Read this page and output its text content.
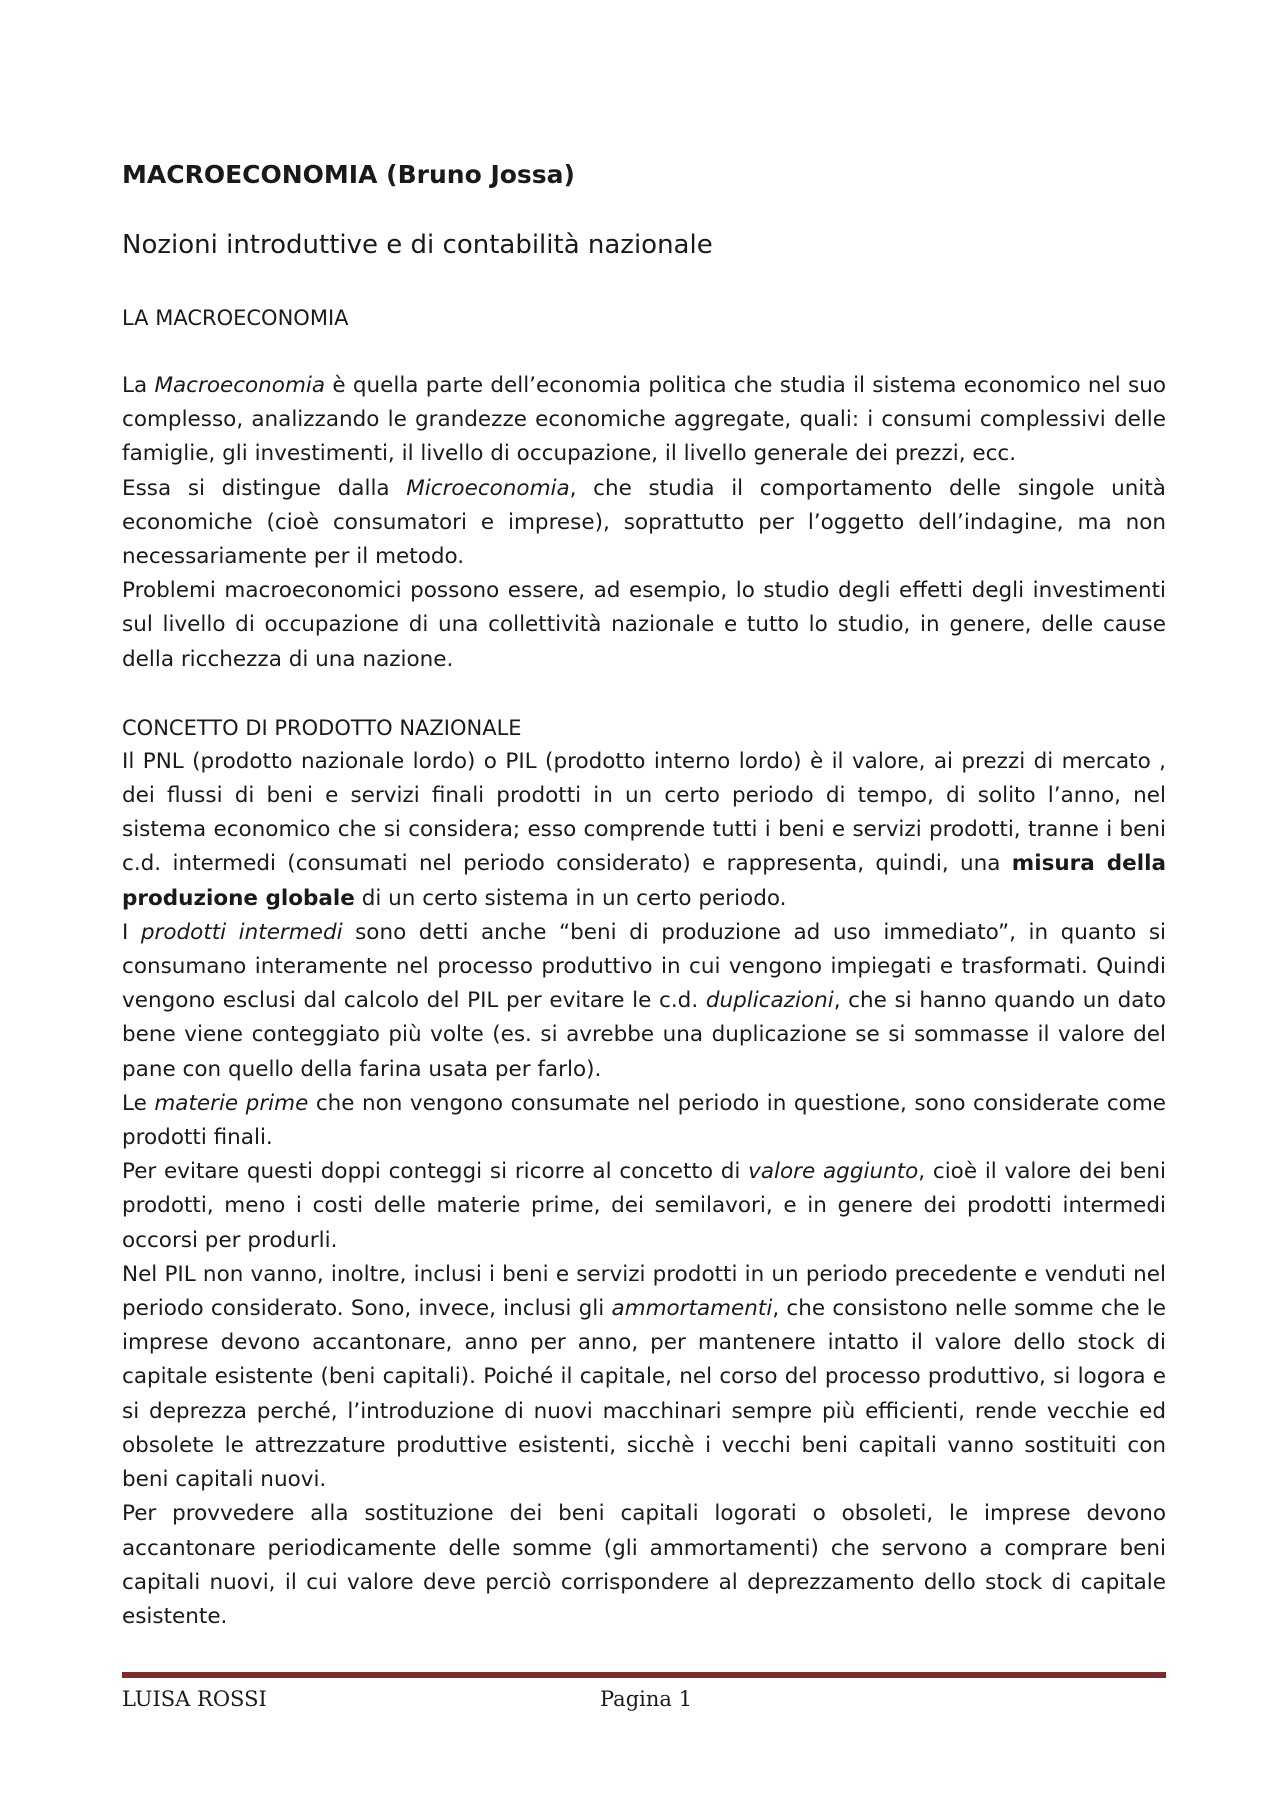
MACROECONOMIA (Bruno Jossa)
Nozioni introduttive e di contabilità nazionale
LA MACROECONOMIA

La Macroeconomia è quella parte dell’economia politica che studia il sistema economico nel suo complesso, analizzando le grandezze economiche aggregate, quali: i consumi complessivi delle famiglie, gli investimenti, il livello di occupazione, il livello generale dei prezzi, ecc.

Essa si distingue dalla Microeconomia, che studia il comportamento delle singole unità economiche (cioè consumatori e imprese), soprattutto per l’oggetto dell’indagine, ma non necessariamente per il metodo.

Problemi macroeconomici possono essere, ad esempio, lo studio degli effetti degli investimenti sul livello di occupazione di una collettività nazionale e tutto lo studio, in genere, delle cause della ricchezza di una nazione.

CONCETTO DI PRODOTTO NAZIONALE

Il PNL (prodotto nazionale lordo) o PIL (prodotto interno lordo) è il valore, ai prezzi di mercato , dei flussi di beni e servizi finali prodotti in un certo periodo di tempo, di solito l’anno, nel sistema economico che si considera; esso comprende tutti i beni e servizi prodotti, tranne i beni c.d. intermedi (consumati nel periodo considerato) e rappresenta, quindi, una misura della produzione globale di un certo sistema in un certo periodo.

I prodotti intermedi sono detti anche “beni di produzione ad uso immediato”, in quanto si consumano interamente nel processo produttivo in cui vengono impiegati e trasformati. Quindi vengono esclusi dal calcolo del PIL per evitare le c.d. duplicazioni, che si hanno quando un dato bene viene conteggiato più volte (es. si avrebbe una duplicazione se si sommasse il valore del pane con quello della farina usata per farlo).

Le materie prime che non vengono consumate nel periodo in questione, sono considerate come prodotti finali.

Per evitare questi doppi conteggi si ricorre al concetto di valore aggiunto, cioè il valore dei beni prodotti, meno i costi delle materie prime, dei semilavori, e in genere dei prodotti intermedi occorsi per produrli.

Nel PIL non vanno, inoltre, inclusi i beni e servizi prodotti in un periodo precedente e venduti nel periodo considerato. Sono, invece, inclusi gli ammortamenti, che consistono nelle somme che le imprese devono accantonare, anno per anno, per mantenere intatto il valore dello stock di capitale esistente (beni capitali). Poiché il capitale, nel corso del processo produttivo, si logora e si deprezza perché, l’introduzione di nuovi macchinari sempre più efficienti, rende vecchie ed obsolete le attrezzature produttive esistenti, sicchè i vecchi beni capitali vanno sostituiti con beni capitali nuovi.

Per provvedere alla sostituzione dei beni capitali logorati o obsoleti, le imprese devono accantonare periodicamente delle somme (gli ammortamenti) che servono a comprare beni capitali nuovi, il cui valore deve perciò corrispondere al deprezzamento dello stock di capitale esistente.

LUISA ROSSI	Pagina 1
